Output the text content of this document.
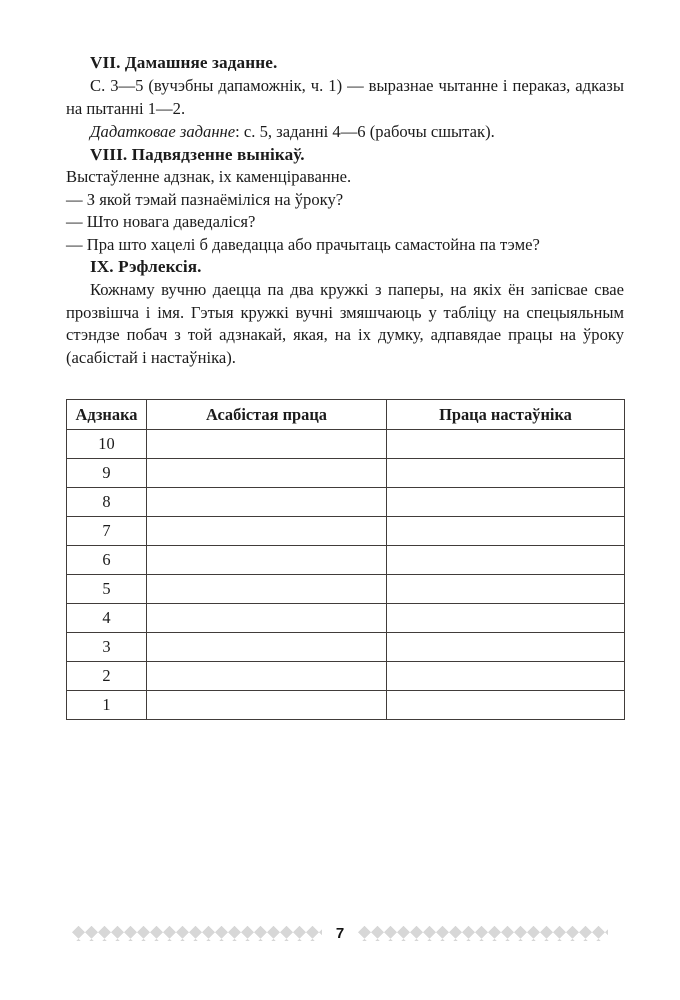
VII. Дамашняе заданне.

С. 3—5 (вучэбны дапаможнік, ч. 1) — выразнае чытанне і пераказ, адказы на пытанні 1—2.

Дадатковае заданне: с. 5, заданні 4—6 (рабочы сшытак).

VIII. Падвядзенне вынікаў.

Выстаўленне адзнак, іх каменціраванне.

— З якой тэмай пазнаёміліся на ўроку?

— Што новага даведаліся?

— Пра што хацелі б даведацца або прачытаць самастойна па тэме?

IX. Рэфлексія.

Кожнаму вучню даецца па два кружкі з паперы, на якіх ён запісвае свае прозвішча і імя. Гэтыя кружкі вучні змяшчаюць у табліцу на спецыяльным стэндзе побач з той адзнакай, якая, на іх думку, адпавядае працы на ўроку (асабістай і настаўніка).

Адзнака	Асабістая праца	Праца настаўніка
10		
9		
8		
7		
6		
5		
4		
3		
2		
1		
7
